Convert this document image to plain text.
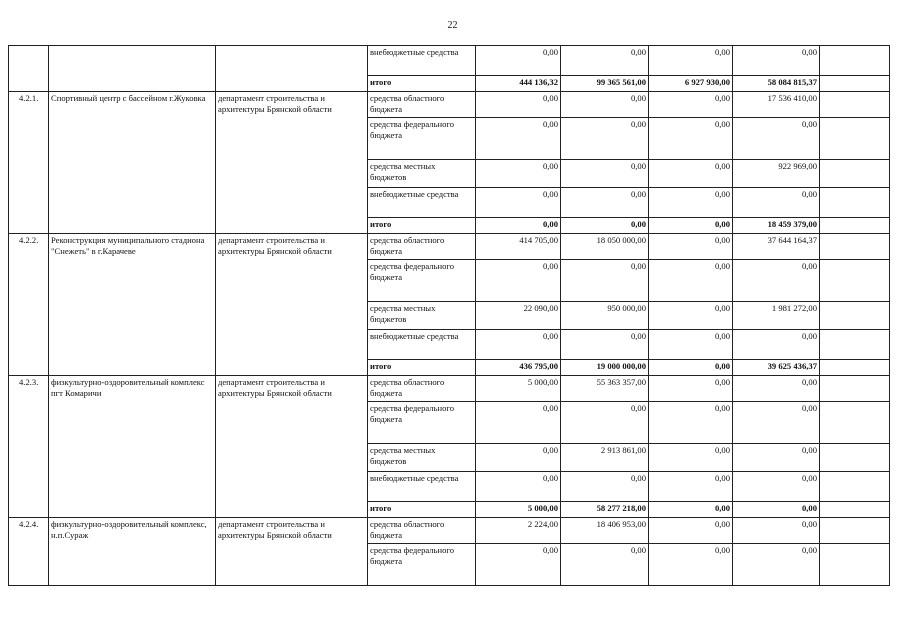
22
			внебюджетные средства	0,00	0,00	0,00	0,00	
			итого	444 136,32	99 365 561,00	6 927 930,00	58 084 815,37	
4.2.1.	Спортивный центр с бассейном г.Жуковка	департамент строительства и архитектуры Брянской области	средства областного бюджета	0,00	0,00	0,00	17 536 410,00	
			средства федерального бюджета	0,00	0,00	0,00	0,00	
			средства местных бюджетов	0,00	0,00	0,00	922 969,00	
			внебюджетные средства	0,00	0,00	0,00	0,00	
			итого	0,00	0,00	0,00	18 459 379,00	
4.2.2.	Реконструкция муниципального стадиона "Снежеть" в г.Карачеве	департамент строительства и архитектуры Брянской области	средства областного бюджета	414 705,00	18 050 000,00	0,00	37 644 164,37	
			средства федерального бюджета	0,00	0,00	0,00	0,00	
			средства местных бюджетов	22 090,00	950 000,00	0,00	1 981 272,00	
			внебюджетные средства	0,00	0,00	0,00	0,00	
			итого	436 795,00	19 000 000,00	0,00	39 625 436,37	
4.2.3.	физкультурно-оздоровительный комплекс пгт Комаричи	департамент строительства и архитектуры Брянской области	средства областного бюджета	5 000,00	55 363 357,00	0,00	0,00	
			средства федерального бюджета	0,00	0,00	0,00	0,00	
			средства местных бюджетов	0,00	2 913 861,00	0,00	0,00	
			внебюджетные средства	0,00	0,00	0,00	0,00	
			итого	5 000,00	58 277 218,00	0,00	0,00	
4.2.4.	физкультурно-оздоровительный комплекс, н.п.Сураж	департамент строительства и архитектуры Брянской области	средства областного бюджета	2 224,00	18 406 953,00	0,00	0,00	
			средства федерального бюджета	0,00	0,00	0,00	0,00	
